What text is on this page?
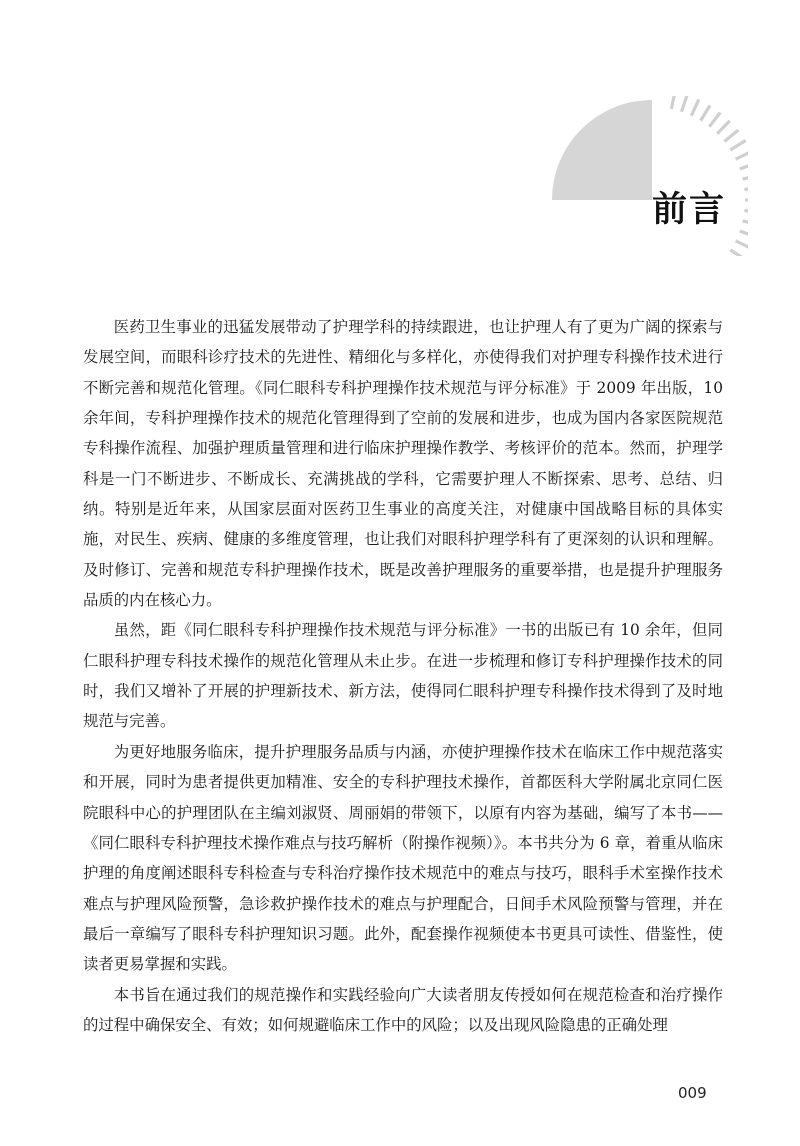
前言

医药卫生事业的迅猛发展带动了护理学科的持续跟进，也让护理人有了更为广阔的探索与发展空间，而眼科诊疗技术的先进性、精细化与多样化，亦使得我们对护理专科操作技术进行不断完善和规范化管理。《同仁眼科专科护理操作技术规范与评分标准》于 2009 年出版，10 余年间，专科护理操作技术的规范化管理得到了空前的发展和进步，也成为国内各家医院规范专科操作流程、加强护理质量管理和进行临床护理操作教学、考核评价的范本。然而，护理学科是一门不断进步、不断成长、充满挑战的学科，它需要护理人不断探索、思考、总结、归纳。特别是近年来，从国家层面对医药卫生事业的高度关注，对健康中国战略目标的具体实施，对民生、疾病、健康的多维度管理，也让我们对眼科护理学科有了更深刻的认识和理解。及时修订、完善和规范专科护理操作技术，既是改善护理服务的重要举措，也是提升护理服务品质的内在核心力。

虽然，距《同仁眼科专科护理操作技术规范与评分标准》一书的出版已有 10 余年，但同仁眼科护理专科技术操作的规范化管理从未止步。在进一步梳理和修订专科护理操作技术的同时，我们又增补了开展的护理新技术、新方法，使得同仁眼科护理专科操作技术得到了及时地规范与完善。

为更好地服务临床，提升护理服务品质与内涵，亦使护理操作技术在临床工作中规范落实和开展，同时为患者提供更加精准、安全的专科护理技术操作，首都医科大学附属北京同仁医院眼科中心的护理团队在主编刘淑贤、周丽娟的带领下，以原有内容为基础，编写了本书——《同仁眼科专科护理技术操作难点与技巧解析（附操作视频）》。本书共分为 6 章，着重从临床护理的角度阐述眼科专科检查与专科治疗操作技术规范中的难点与技巧，眼科手术室操作技术难点与护理风险预警，急诊救护操作技术的难点与护理配合，日间手术风险预警与管理，并在最后一章编写了眼科专科护理知识习题。此外，配套操作视频使本书更具可读性、借鉴性，使读者更易掌握和实践。

本书旨在通过我们的规范操作和实践经验向广大读者朋友传授如何在规范检查和治疗操作的过程中确保安全、有效；如何规避临床工作中的风险；以及出现风险隐患的正确处理

009
